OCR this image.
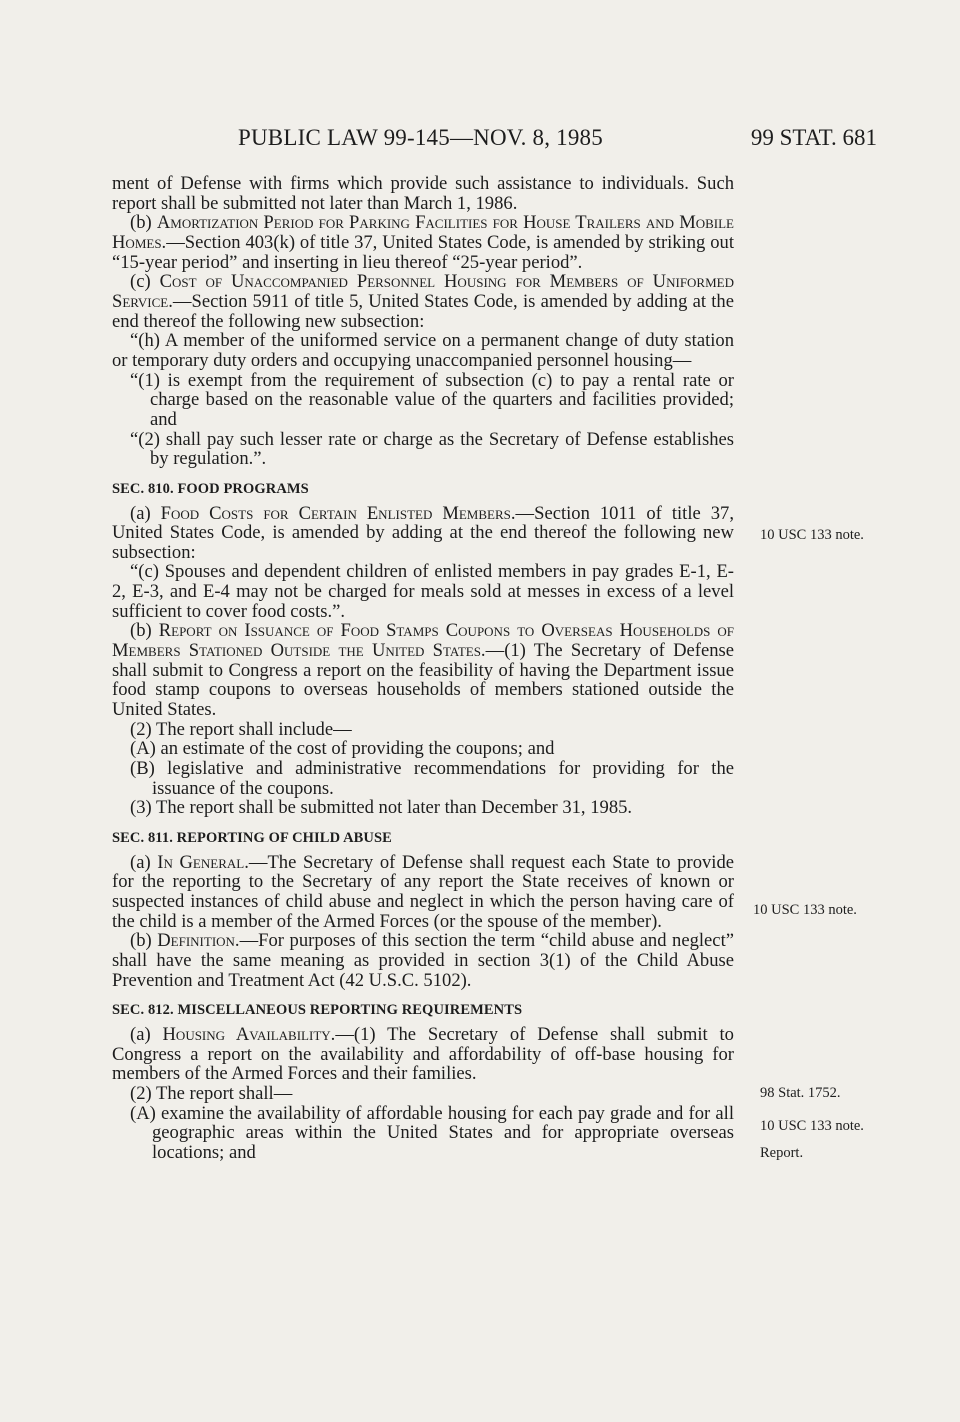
PUBLIC LAW 99-145—NOV. 8, 1985	99 STAT. 681

ment of Defense with firms which provide such assistance to individuals. Such report shall be submitted not later than March 1, 1986.

(b) Amortization Period for Parking Facilities for House Trailers and Mobile Homes.—Section 403(k) of title 37, United States Code, is amended by striking out “15-year period” and inserting in lieu thereof “25-year period”.

(c) Cost of Unaccompanied Personnel Housing for Members of Uniformed Service.—Section 5911 of title 5, United States Code, is amended by adding at the end thereof the following new subsection:

“(h) A member of the uniformed service on a permanent change of duty station or temporary duty orders and occupying unaccompanied personnel housing—

“(1) is exempt from the requirement of subsection (c) to pay a rental rate or charge based on the reasonable value of the quarters and facilities provided; and

“(2) shall pay such lesser rate or charge as the Secretary of Defense establishes by regulation.”.

SEC. 810. FOOD PROGRAMS

(a) Food Costs for Certain Enlisted Members.—Section 1011 of title 37, United States Code, is amended by adding at the end thereof the following new subsection:

“(c) Spouses and dependent children of enlisted members in pay grades E-1, E-2, E-3, and E-4 may not be charged for meals sold at messes in excess of a level sufficient to cover food costs.”.

(b) Report on Issuance of Food Stamps Coupons to Overseas Households of Members Stationed Outside the United States.—(1) The Secretary of Defense shall submit to Congress a report on the feasibility of having the Department issue food stamp coupons to overseas households of members stationed outside the United States.

(2) The report shall include—

(A) an estimate of the cost of providing the coupons; and

(B) legislative and administrative recommendations for providing for the issuance of the coupons.

(3) The report shall be submitted not later than December 31, 1985.

SEC. 811. REPORTING OF CHILD ABUSE

(a) In General.—The Secretary of Defense shall request each State to provide for the reporting to the Secretary of any report the State receives of known or suspected instances of child abuse and neglect in which the person having care of the child is a member of the Armed Forces (or the spouse of the member).

(b) Definition.—For purposes of this section the term “child abuse and neglect” shall have the same meaning as provided in section 3(1) of the Child Abuse Prevention and Treatment Act (42 U.S.C. 5102).

SEC. 812. MISCELLANEOUS REPORTING REQUIREMENTS

(a) Housing Availability.—(1) The Secretary of Defense shall submit to Congress a report on the availability and affordability of off-base housing for members of the Armed Forces and their families.

(2) The report shall—

(A) examine the availability of affordable housing for each pay grade and for all geographic areas within the United States and for appropriate overseas locations; and

10 USC 133 note.
10 USC 133 note.
98 Stat. 1752.
10 USC 133 note.
Report.
